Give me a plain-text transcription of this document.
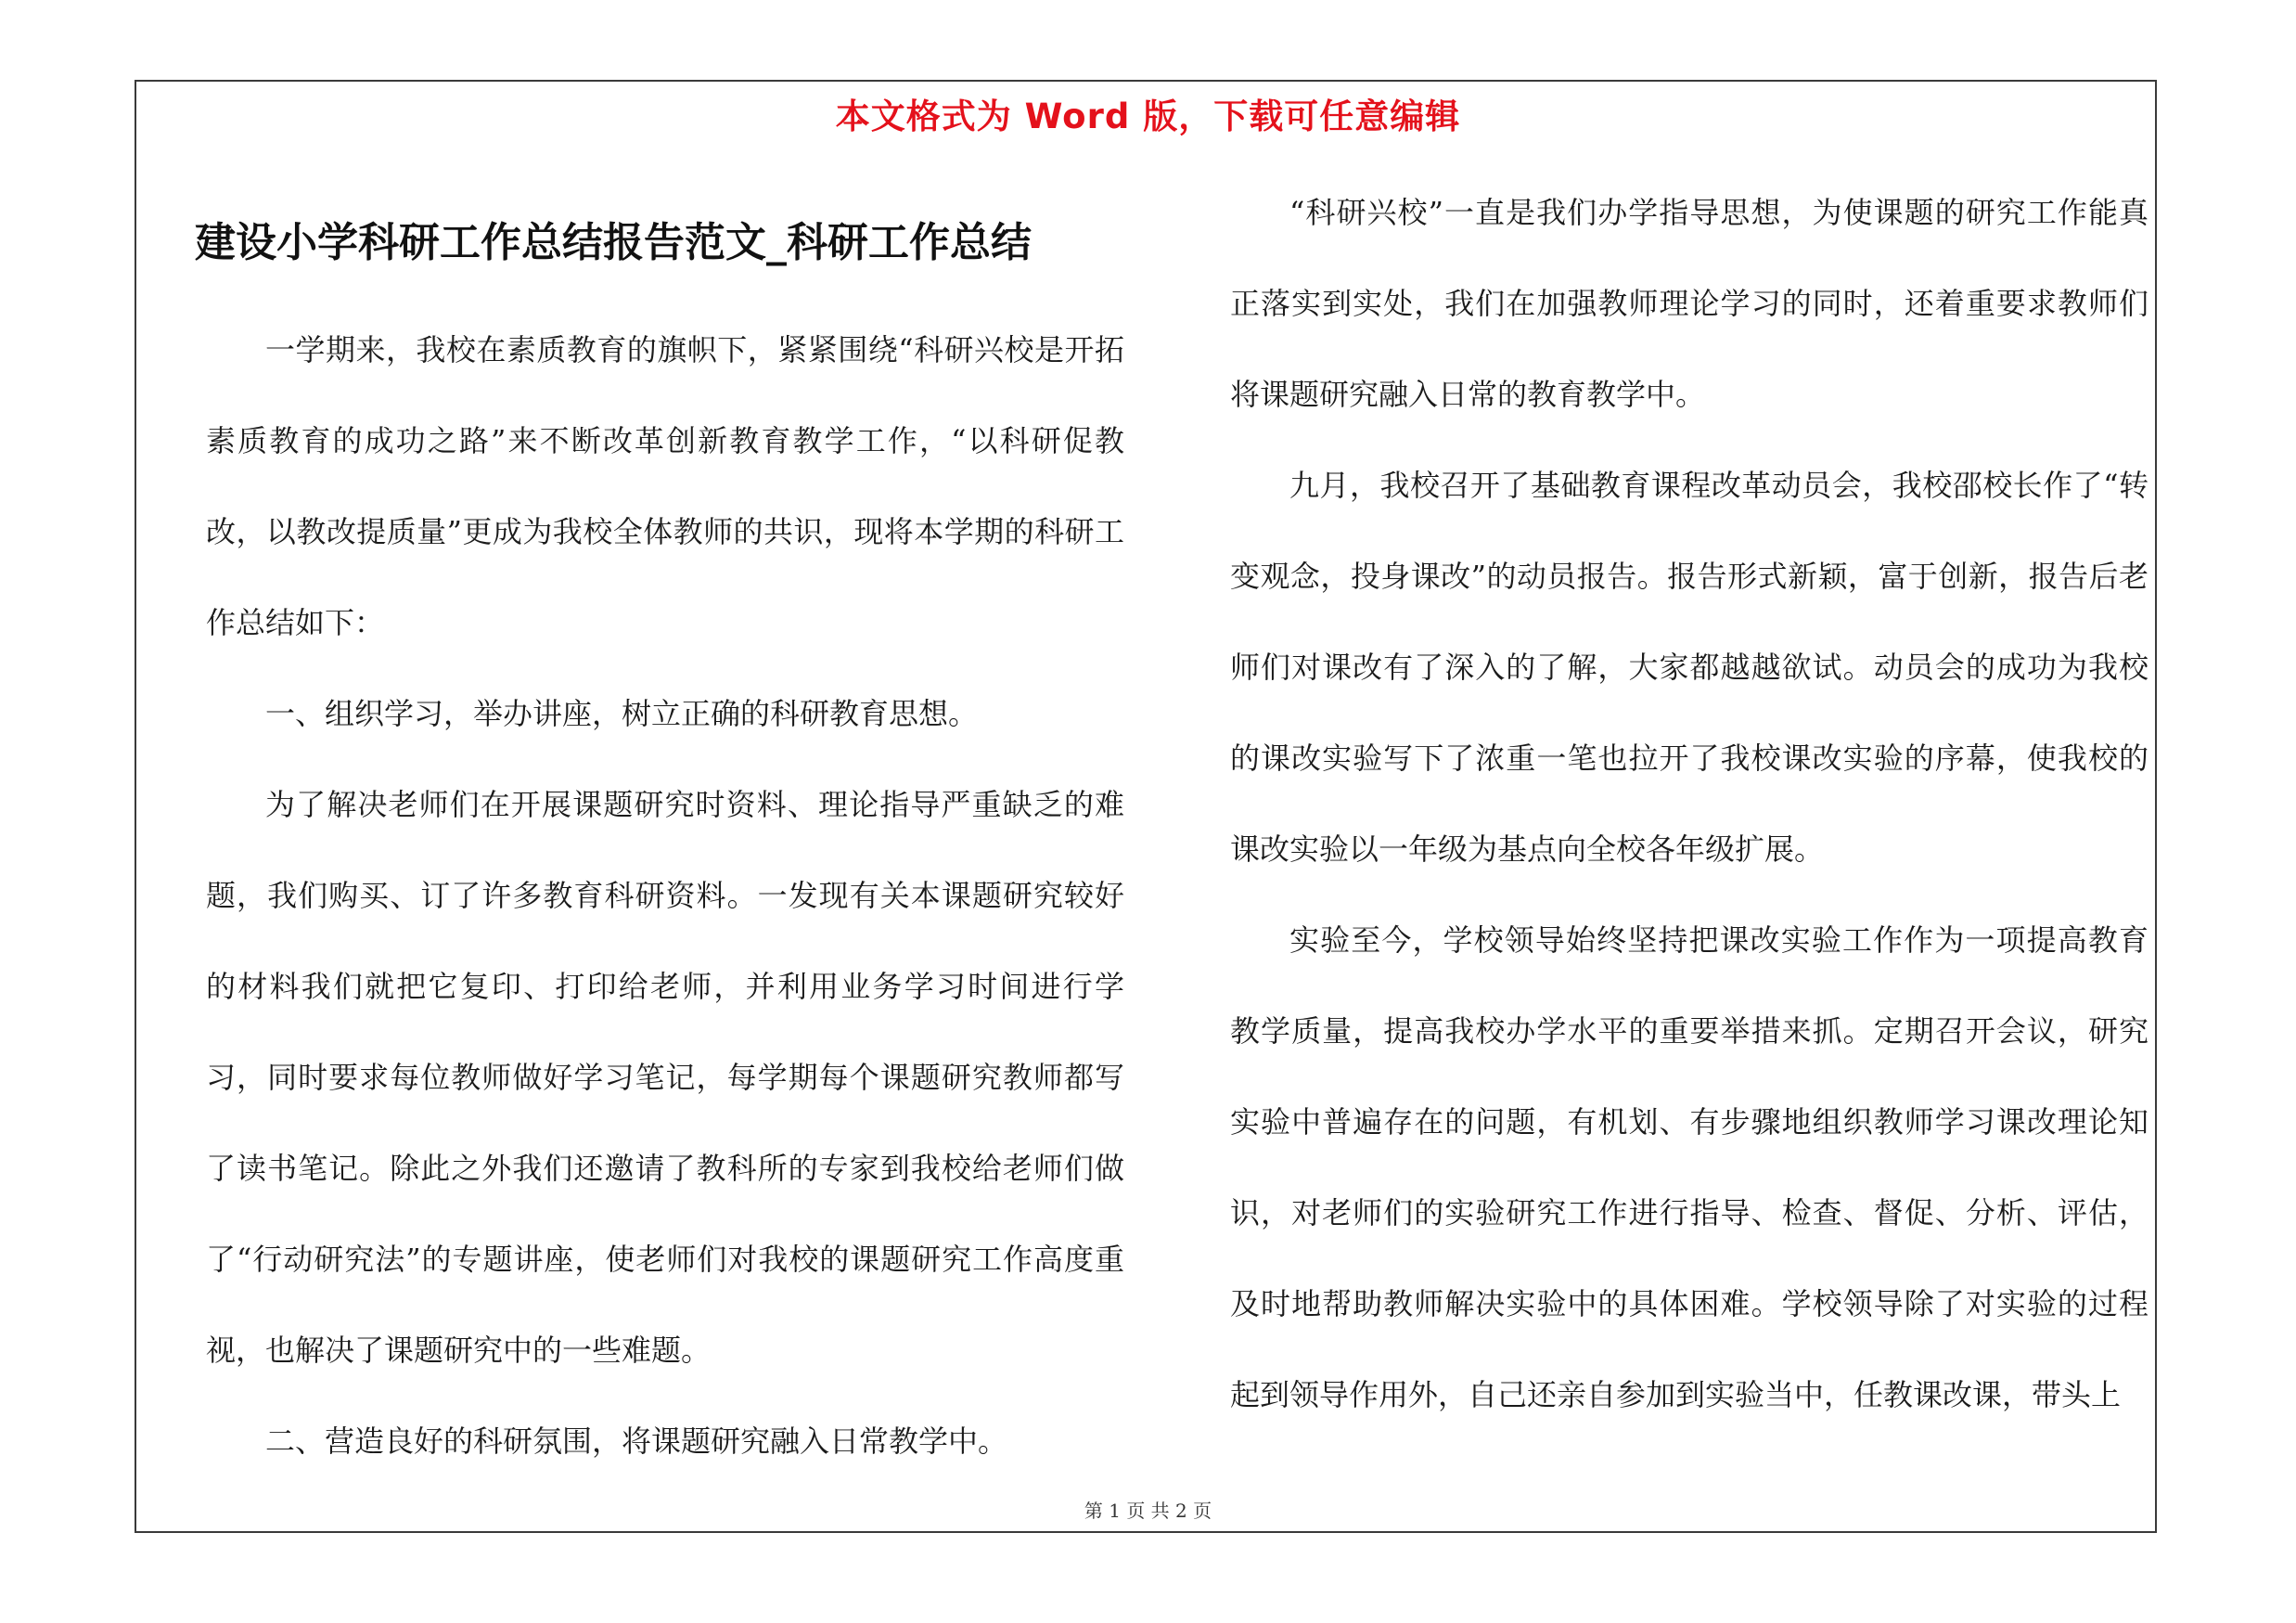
本文格式为 Word 版，下载可任意编辑
建设小学科研工作总结报告范文_科研工作总结

一学期来，我校在素质教育的旗帜下，紧紧围绕“科研兴校是开拓素质教育的成功之路”来不断改革创新教育教学工作，“以科研促教改，以教改提质量”更成为我校全体教师的共识，现将本学期的科研工作总结如下：

一、组织学习，举办讲座，树立正确的科研教育思想。

为了解决老师们在开展课题研究时资料、理论指导严重缺乏的难题，我们购买、订了许多教育科研资料。一发现有关本课题研究较好的材料我们就把它复印、打印给老师，并利用业务学习时间进行学习，同时要求每位教师做好学习笔记，每学期每个课题研究教师都写了读书笔记。除此之外我们还邀请了教科所的专家到我校给老师们做了“行动研究法”的专题讲座，使老师们对我校的课题研究工作高度重视，也解决了课题研究中的一些难题。

二、营造良好的科研氛围，将课题研究融入日常教学中。

“科研兴校”一直是我们办学指导思想，为使课题的研究工作能真正落实到实处，我们在加强教师理论学习的同时，还着重要求教师们将课题研究融入日常的教育教学中。

九月，我校召开了基础教育课程改革动员会，我校邵校长作了“转变观念，投身课改”的动员报告。报告形式新颖，富于创新，报告后老师们对课改有了深入的了解，大家都越越欲试。动员会的成功为我校的课改实验写下了浓重一笔也拉开了我校课改实验的序幕，使我校的课改实验以一年级为基点向全校各年级扩展。

实验至今，学校领导始终坚持把课改实验工作作为一项提高教育教学质量，提高我校办学水平的重要举措来抓。定期召开会议，研究实验中普遍存在的问题，有机划、有步骤地组织教师学习课改理论知识，对老师们的实验研究工作进行指导、检查、督促、分析、评估，及时地帮助教师解决实验中的具体困难。学校领导除了对实验的过程起到领导作用外，自己还亲自参加到实验当中，任教课改课，带头上

第 1 页 共 2 页
